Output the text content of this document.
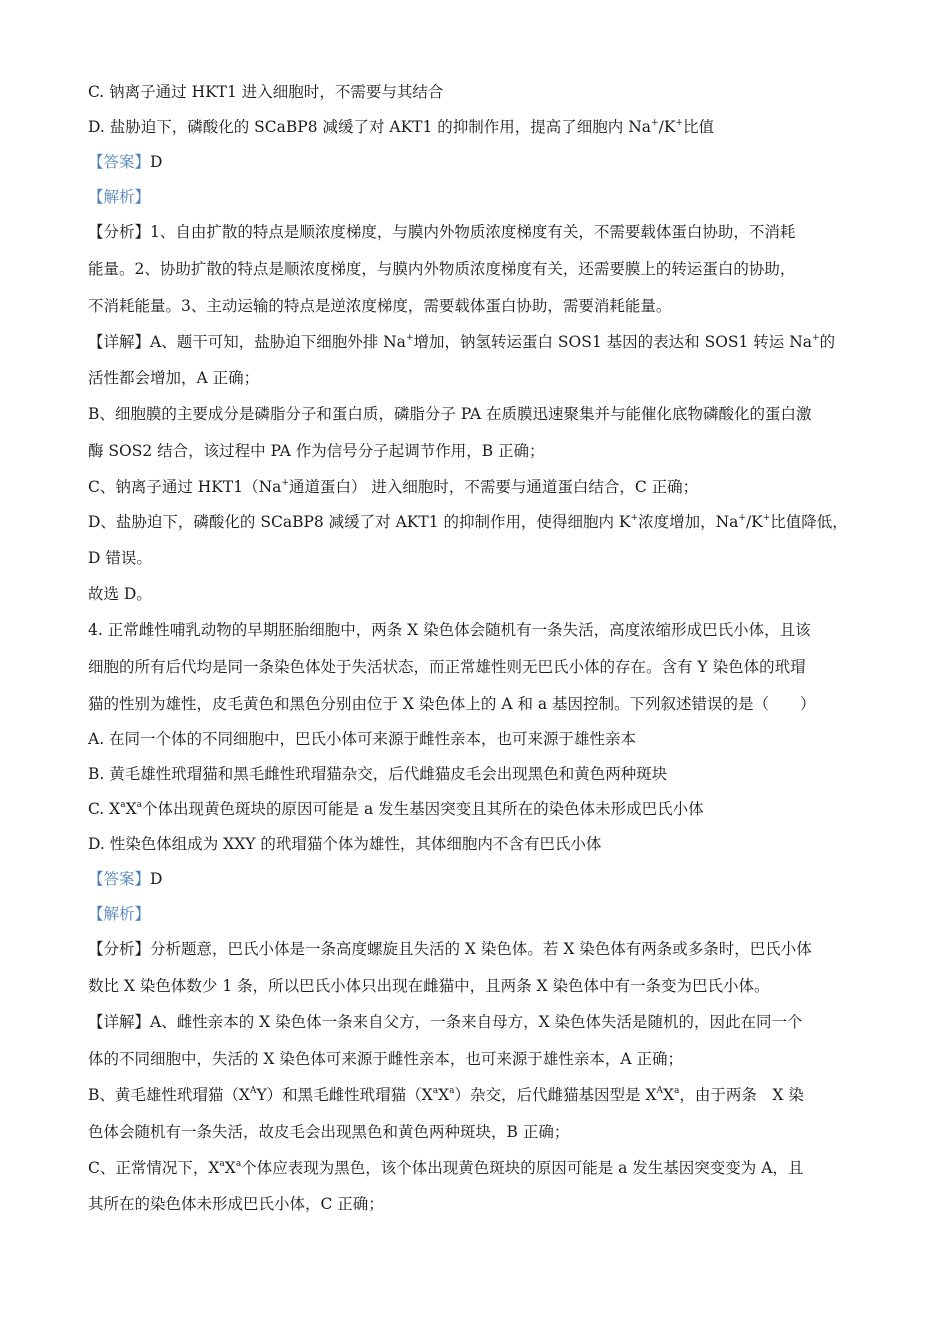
C. 钠离子通过 HKT1 进入细胞时，不需要与其结合
D. 盐胁迫下，磷酸化的 SCaBP8 减缓了对 AKT1 的抑制作用，提高了细胞内 Na+/K+比值
【答案】D
【解析】
【分析】1、自由扩散的特点是顺浓度梯度，与膜内外物质浓度梯度有关，不需要载体蛋白协助，不消耗
能量。2、协助扩散的特点是顺浓度梯度，与膜内外物质浓度梯度有关，还需要膜上的转运蛋白的协助，
不消耗能量。3、主动运输的特点是逆浓度梯度，需要载体蛋白协助，需要消耗能量。
【详解】A、题干可知，盐胁迫下细胞外排 Na+增加，钠氢转运蛋白 SOS1 基因的表达和 SOS1 转运 Na+的
活性都会增加，A 正确；
B、细胞膜的主要成分是磷脂分子和蛋白质，磷脂分子 PA 在质膜迅速聚集并与能催化底物磷酸化的蛋白激
酶 SOS2 结合，该过程中 PA 作为信号分子起调节作用，B 正确；
C、钠离子通过 HKT1（Na+通道蛋白） 进入细胞时，不需要与通道蛋白结合，C 正确；
D、盐胁迫下，磷酸化的 SCaBP8 减缓了对 AKT1 的抑制作用，使得细胞内 K+浓度增加，Na+/K+比值降低，
D 错误。
故选 D。
4. 正常雌性哺乳动物的早期胚胎细胞中，两条 X 染色体会随机有一条失活，高度浓缩形成巴氏小体，且该
细胞的所有后代均是同一条染色体处于失活状态，而正常雄性则无巴氏小体的存在。含有 Y 染色体的玳瑁
猫的性别为雄性，皮毛黄色和黑色分别由位于 X 染色体上的 A 和 a 基因控制。下列叙述错误的是（　　）
A. 在同一个体的不同细胞中，巴氏小体可来源于雌性亲本，也可来源于雄性亲本
B. 黄毛雄性玳瑁猫和黑毛雌性玳瑁猫杂交，后代雌猫皮毛会出现黑色和黄色两种斑块
C. $X^aX^a$个体出现黄色斑块的原因可能是 a 发生基因突变且其所在的染色体未形成巴氏小体
D. 性染色体组成为 XXY 的玳瑁猫个体为雄性，其体细胞内不含有巴氏小体
【答案】D
【解析】
【分析】分析题意，巴氏小体是一条高度螺旋且失活的 X 染色体。若 X 染色体有两条或多条时，巴氏小体
数比 X 染色体数少 1 条，所以巴氏小体只出现在雌猫中，且两条 X 染色体中有一条变为巴氏小体。
【详解】A、雌性亲本的 X 染色体一条来自父方，一条来自母方，X 染色体失活是随机的，因此在同一个
体的不同细胞中，失活的 X 染色体可来源于雌性亲本，也可来源于雄性亲本，A 正确；
B、黄毛雄性玳瑁猫$(X^AY)$和黑毛雌性玳瑁猫$(X^aX^a)$杂交，后代雌猫基因型是 $X^AX^a$，由于两条　X 染
色体会随机有一条失活，故皮毛会出现黑色和黄色两种斑块，B 正确；
C、正常情况下，$X^aX^a$个体应表现为黑色，该个体出现黄色斑块的原因可能是 a 发生基因突变变为 A，且
其所在的染色体未形成巴氏小体，C 正确；
